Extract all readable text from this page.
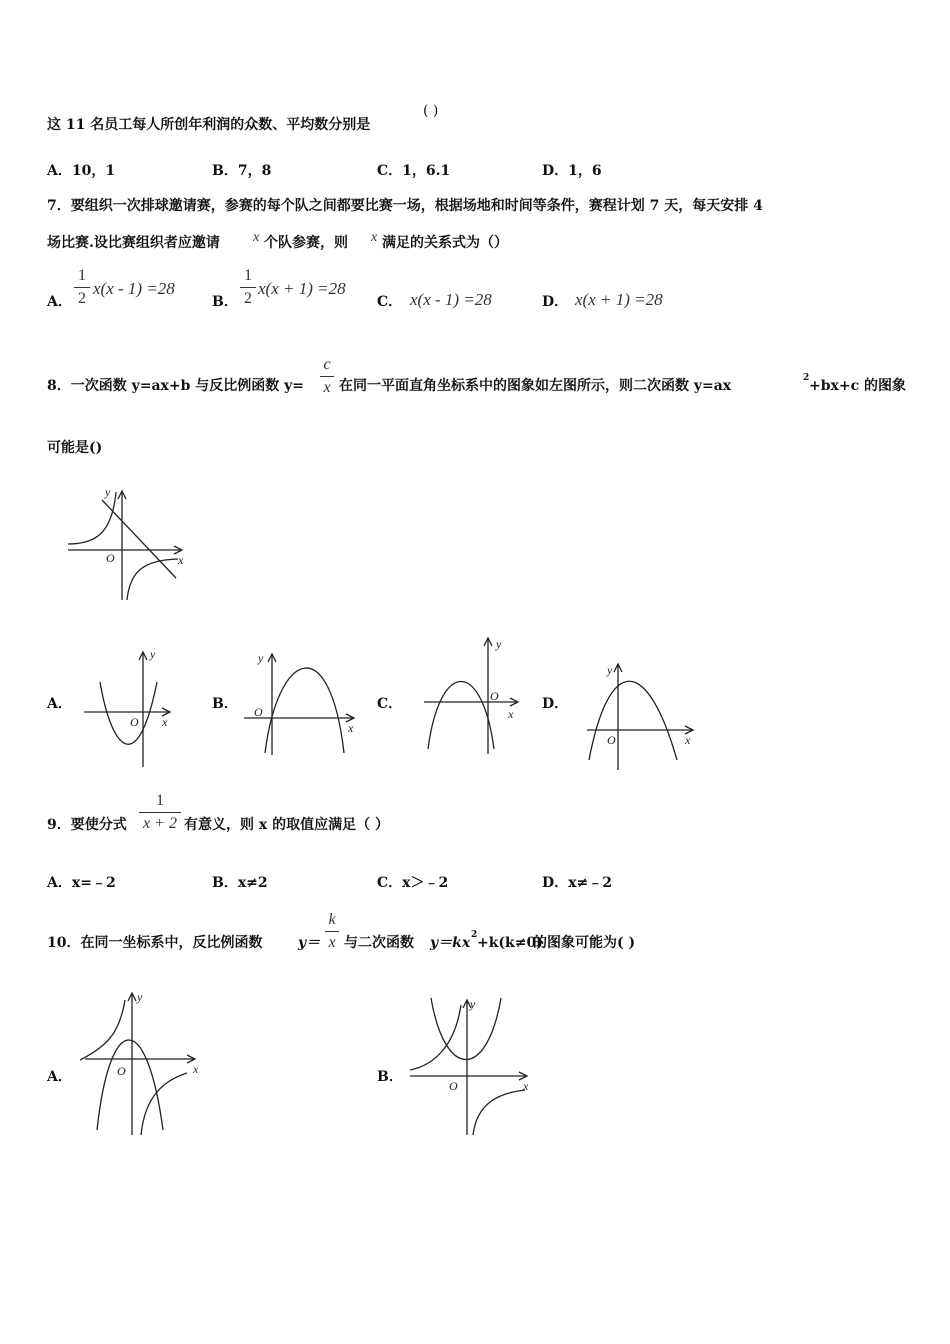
这 11 名员工每人所创年利润的众数、平均数分别是
( )
A．10，1	B．7，8	C．1，6.1	D．1，6
7．要组织一次排球邀请赛，参赛的每个队之间都要比赛一场，根据场地和时间等条件，赛程计划 7 天，每天安排 4
场比赛.设比赛组织者应邀请 x 个队参赛，则 x 满足的关系式为（）
A．
1
2
x(x - 1) =28
B．
1
2
x(x + 1) =28
C． x(x - 1) =28	D． x(x + 1) =28
8．一次函数 y=ax+b 与反比例函数 y=
c
x 在同一平面直角坐标系中的图象如左图所示，则二次函数 y=ax	2 +bx+c 的图象
可能是()
y
x
O
A．
y
x
O
B．
y
x
O	C．
y
x
O	D．
y
x
O
9．要使分式
1
x + 2 有意义，则 x 的取值应满足（ ）
A．x=﹣2	B．x≠2	C．x＞﹣2	D．x≠﹣2
10．在同一坐标系中，反比例函数	y＝
k
x 与二次函数 y＝kx 2 +k(k≠0)
的图象可能为( )
A．
y
x
O	B．
y
x
O
